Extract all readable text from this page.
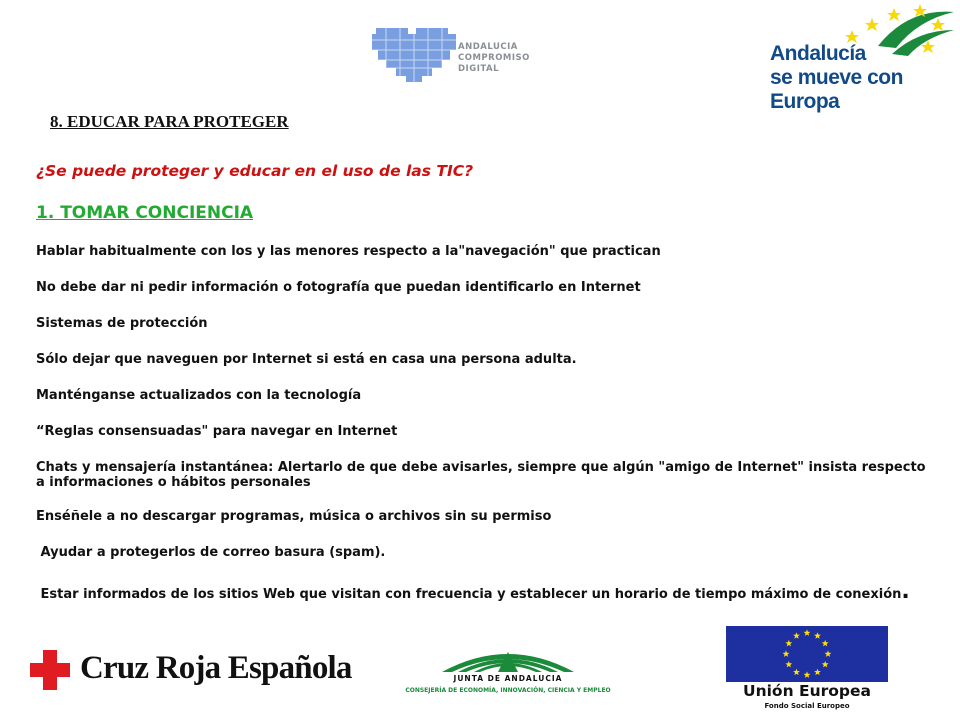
ANDALUCIA
COMPROMISO
DIGITAL
Andalucía
se mueve con Europa
8. EDUCAR PARA PROTEGER
¿Se puede proteger y educar en el uso de las TIC?
1. TOMAR CONCIENCIA
Hablar habitualmente con los y las menores respecto a la"navegación" que practican
No debe dar ni pedir información o fotografía que puedan identificarlo en Internet
Sistemas de protección
Sólo dejar que naveguen por Internet si está en casa una persona adulta.
Manténganse actualizados con la tecnología
“Reglas consensuadas" para navegar en Internet
Chats y mensajería instantánea: Alertarlo de que debe avisarles, siempre que algún "amigo de Internet" insista respecto a informaciones o hábitos personales
Enséñele a no descargar programas, música o archivos sin su permiso
Ayudar a protegerlos de correo basura (spam).
Estar informados de los sitios Web que visitan con frecuencia y establecer un horario de tiempo máximo de conexión.
Cruz Roja Española	JUNTA DE ANDALUCIA
CONSEJERÍA DE ECONOMÍA, INNOVACIÓN, CIENCIA Y EMPLEO	Unión Europea
Fondo Social Europeo
